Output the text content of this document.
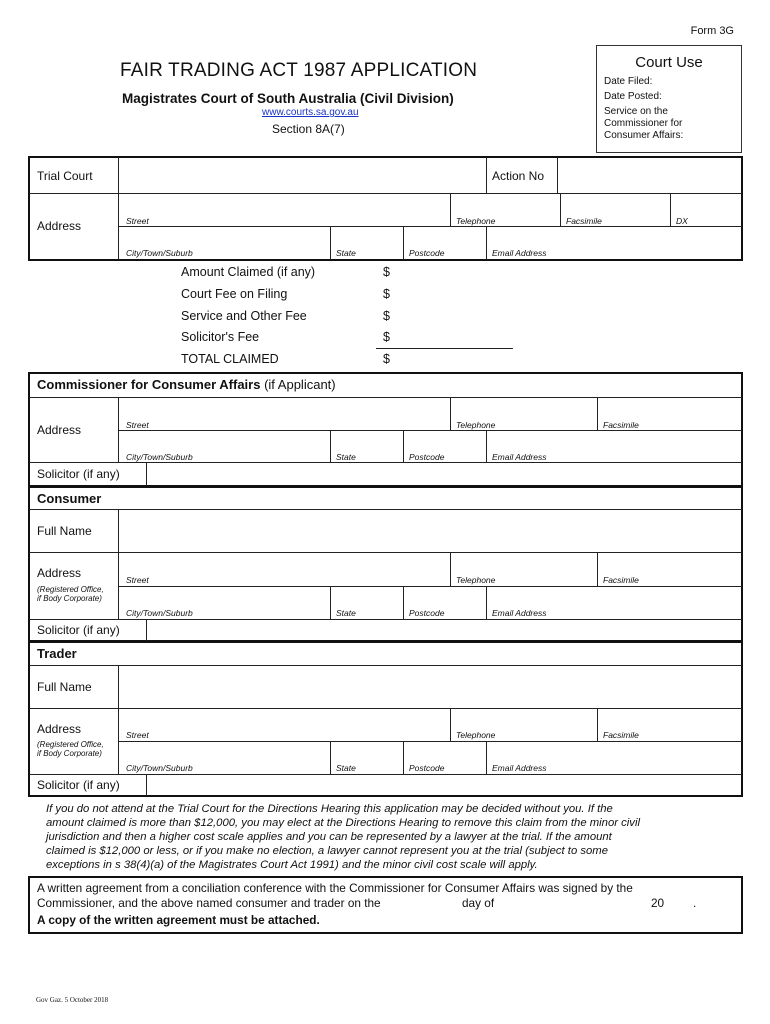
Form 3G
FAIR TRADING ACT 1987 APPLICATION
Magistrates Court of South Australia (Civil Division)
www.courts.sa.gov.au
Section 8A(7)
Court Use
Date Filed:
Date Posted:
Service on the
Commissioner for
Consumer Affairs:
Trial Court	Action No
Address	Street	Telephone	Facsimile	DX
City/Town/Suburb	State	Postcode	Email Address
Amount Claimed (if any)	$
Court Fee on Filing	$
Service and Other Fee	$
Solicitor's Fee	$
TOTAL CLAIMED	$
Commissioner for Consumer Affairs (if Applicant)
Address	Street	Telephone	Facsimile
City/Town/Suburb	State	Postcode	Email Address
Solicitor (if any)
Consumer
Full Name
Address
(Registered Office,
if Body Corporate)
Street	Telephone	Facsimile
City/Town/Suburb	State	Postcode	Email Address
Solicitor (if any)
Trader
Full Name
Address
(Registered Office,
if Body Corporate)
Street	Telephone	Facsimile
City/Town/Suburb	State	Postcode	Email Address
Solicitor (if any)
If you do not attend at the Trial Court for the Directions Hearing this application may be decided without you. If the
amount claimed is more than $12,000, you may elect at the Directions Hearing to remove this claim from the minor civil
jurisdiction and then a higher cost scale applies and you can be represented by a lawyer at the trial. If the amount
claimed is $12,000 or less, or if you make no election, a lawyer cannot represent you at the trial (subject to some
exceptions in s 38(4)(a) of the Magistrates Court Act 1991) and the minor civil cost scale will apply.
A written agreement from a conciliation conference with the Commissioner for Consumer Affairs was signed by the
Commissioner, and the above named consumer and trader on the	day of	20 .
A copy of the written agreement must be attached.
Gov Gaz. 5 October 2018
